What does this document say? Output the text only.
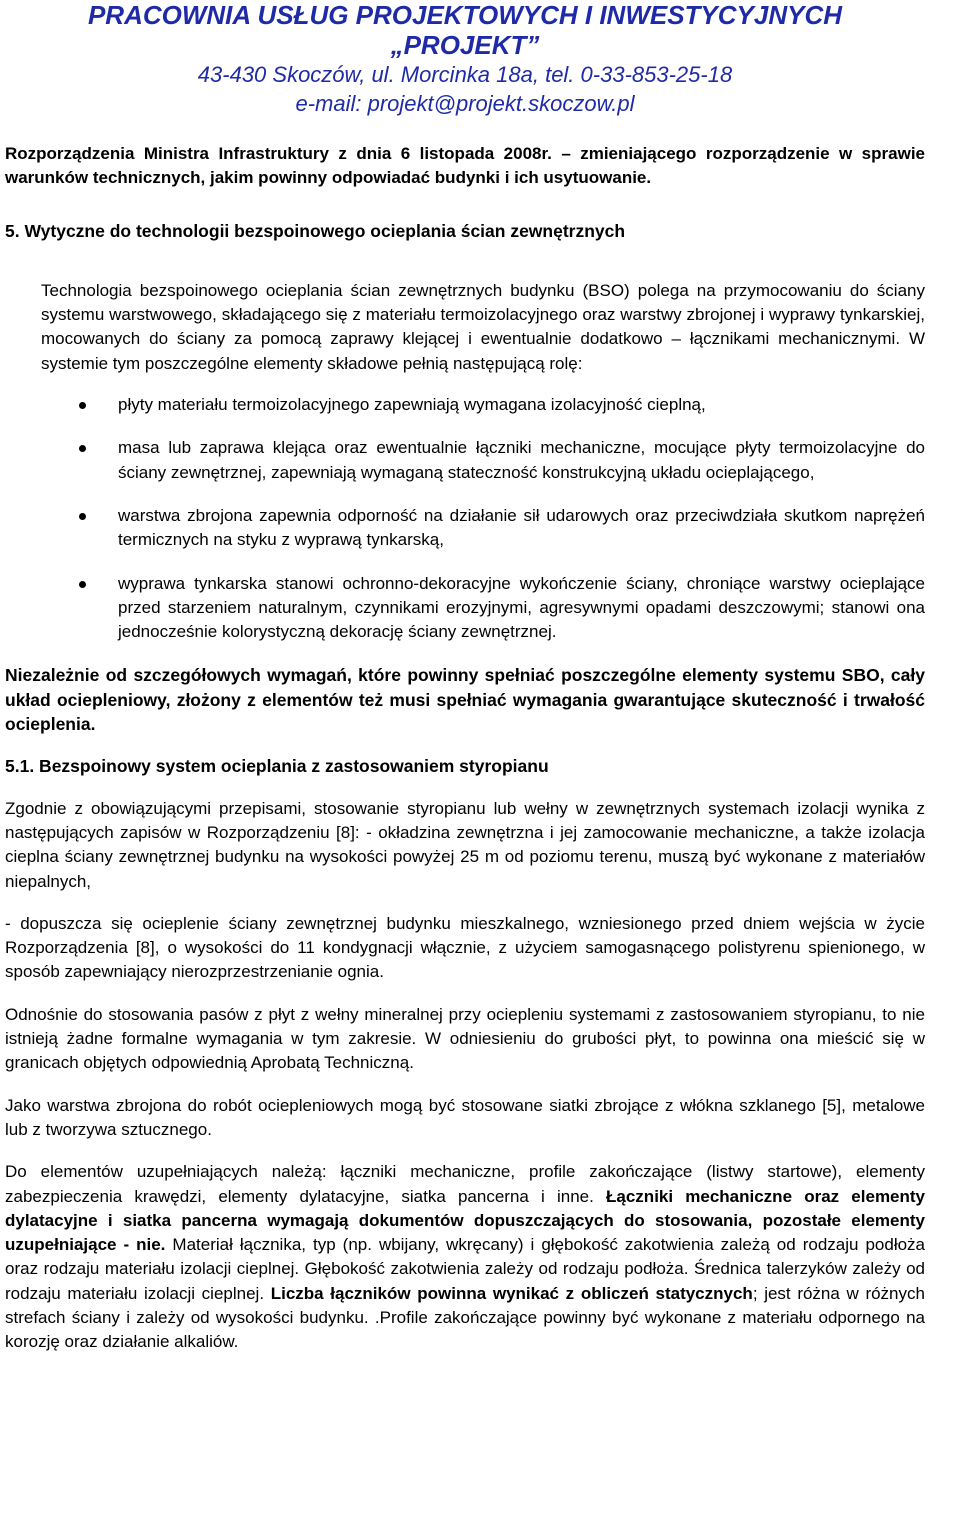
PRACOWNIA USŁUG PROJEKTOWYCH I INWESTYCYJNYCH
„PROJEKT”
43-430 Skoczów, ul. Morcinka 18a, tel. 0-33-853-25-18
e-mail: projekt@projekt.skoczow.pl

Rozporządzenia Ministra Infrastruktury z dnia 6 listopada 2008r. – zmieniającego rozporządzenie w sprawie warunków technicznych, jakim powinny odpowiadać budynki i ich usytuowanie.

5. Wytyczne do technologii bezspoinowego ocieplania ścian zewnętrznych

Technologia bezspoinowego ocieplania ścian zewnętrznych budynku (BSO) polega na przymocowaniu do ściany systemu warstwowego, składającego się z materiału termoizolacyjnego oraz warstwy zbrojonej i wyprawy tynkarskiej, mocowanych do ściany za pomocą zaprawy klejącej i ewentualnie dodatkowo – łącznikami mechanicznymi. W systemie tym poszczególne elementy składowe pełnią następującą rolę:

płyty materiału termoizolacyjnego zapewniają wymagana izolacyjność cieplną,

masa lub zaprawa klejąca oraz ewentualnie łączniki mechaniczne, mocujące płyty termoizolacyjne do ściany zewnętrznej, zapewniają wymaganą stateczność konstrukcyjną układu ocieplającego,

warstwa zbrojona zapewnia odporność na działanie sił udarowych oraz przeciwdziała skutkom naprężeń termicznych na styku z wyprawą tynkarską,

wyprawa tynkarska stanowi ochronno-dekoracyjne wykończenie ściany, chroniące warstwy ocieplające przed starzeniem naturalnym, czynnikami erozyjnymi, agresywnymi opadami deszczowymi; stanowi ona jednocześnie kolorystyczną dekorację ściany zewnętrznej.

Niezależnie od szczegółowych wymagań, które powinny spełniać poszczególne elementy systemu SBO, cały układ ociepleniowy, złożony z elementów też musi spełniać wymagania gwarantujące skuteczność i trwałość ocieplenia.

5.1. Bezspoinowy system ocieplania z zastosowaniem styropianu

Zgodnie z obowiązującymi przepisami, stosowanie styropianu lub wełny w zewnętrznych systemach izolacji wynika z następujących zapisów w Rozporządzeniu [8]: - okładzina zewnętrzna i jej zamocowanie mechaniczne, a także izolacja cieplna ściany zewnętrznej budynku na wysokości powyżej 25 m od poziomu terenu, muszą być wykonane z materiałów niepalnych,

- dopuszcza się ocieplenie ściany zewnętrznej budynku mieszkalnego, wzniesionego przed dniem wejścia w życie Rozporządzenia [8], o wysokości do 11 kondygnacji włącznie, z użyciem samogasnącego polistyrenu spienionego, w sposób zapewniający nierozprzestrzenianie ognia.

Odnośnie do stosowania pasów z płyt z wełny mineralnej przy ociepleniu systemami z zastosowaniem styropianu, to nie istnieją żadne formalne wymagania w tym zakresie. W odniesieniu do grubości płyt, to powinna ona mieścić się w granicach objętych odpowiednią Aprobatą Techniczną.

Jako warstwa zbrojona do robót ociepleniowych mogą być stosowane siatki zbrojące z włókna szklanego [5], metalowe lub z tworzywa sztucznego.

Do elementów uzupełniających należą: łączniki mechaniczne, profile zakończające (listwy startowe), elementy zabezpieczenia krawędzi, elementy dylatacyjne, siatka pancerna i inne. Łączniki mechaniczne oraz elementy dylatacyjne i siatka pancerna wymagają dokumentów dopuszczających do stosowania, pozostałe elementy uzupełniające - nie. Materiał łącznika, typ (np. wbijany, wkręcany) i głębokość zakotwienia zależą od rodzaju podłoża oraz rodzaju materiału izolacji cieplnej. Głębokość zakotwienia zależy od rodzaju podłoża. Średnica talerzyków zależy od rodzaju materiału izolacji cieplnej. Liczba łączników powinna wynikać z obliczeń statycznych; jest różna w różnych strefach ściany i zależy od wysokości budynku. .Profile zakończające powinny być wykonane z materiału odpornego na korozję oraz działanie alkaliów.
